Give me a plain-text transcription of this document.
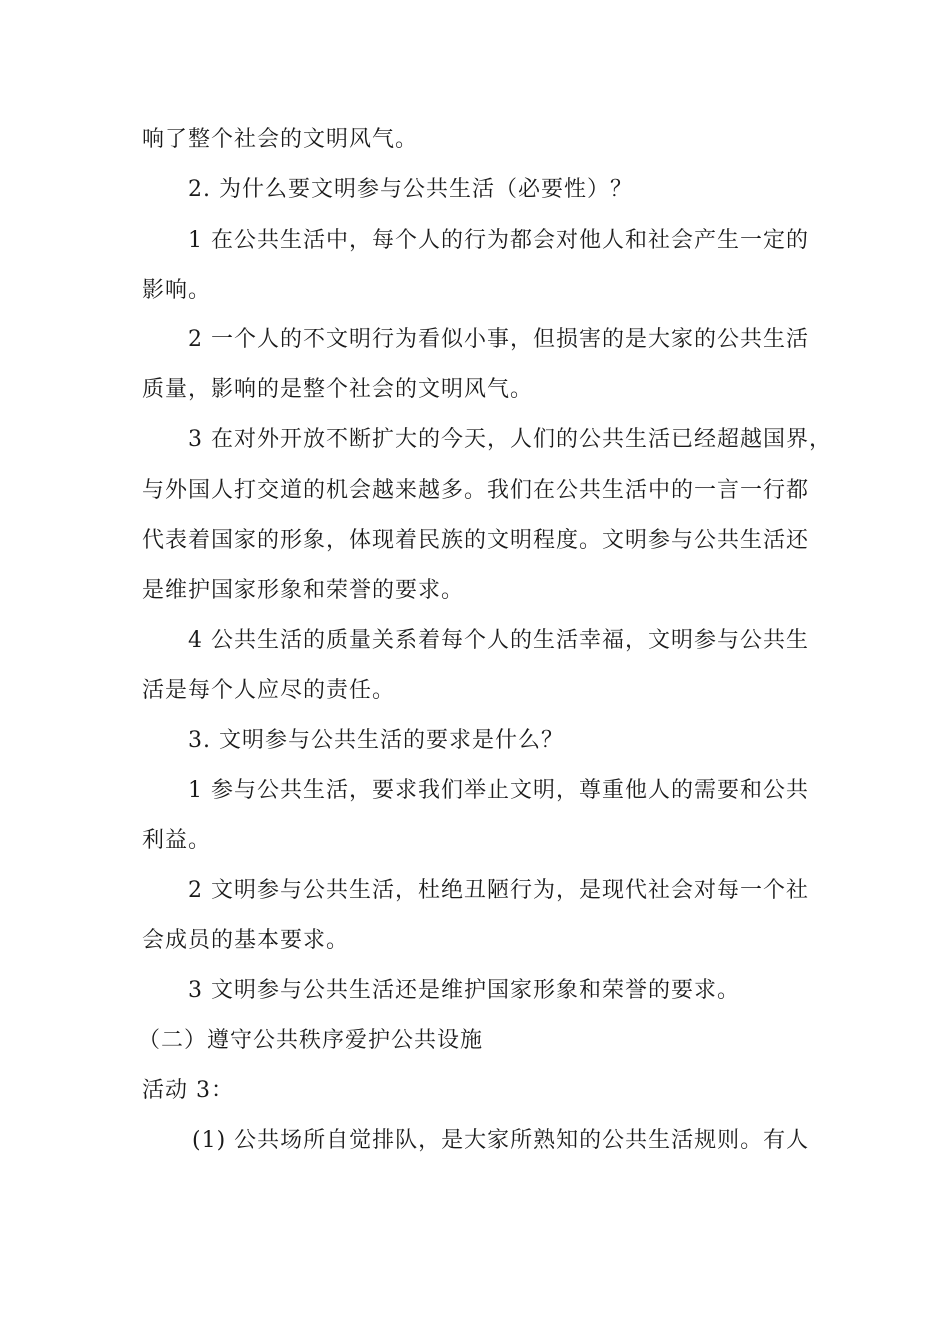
响了整个社会的文明风气。
2. 为什么要文明参与公共生活（必要性）？
1 在公共生活中，每个人的行为都会对他人和社会产生一定的
影响。
2 一个人的不文明行为看似小事，但损害的是大家的公共生活
质量，影响的是整个社会的文明风气。
3 在对外开放不断扩大的今天，人们的公共生活已经超越国界，
与外国人打交道的机会越来越多。我们在公共生活中的一言一行都
代表着国家的形象，体现着民族的文明程度。文明参与公共生活还
是维护国家形象和荣誉的要求。
4 公共生活的质量关系着每个人的生活幸福，文明参与公共生
活是每个人应尽的责任。
3. 文明参与公共生活的要求是什么？
1 参与公共生活，要求我们举止文明，尊重他人的需要和公共
利益。
2 文明参与公共生活，杜绝丑陋行为，是现代社会对每一个社
会成员的基本要求。
3 文明参与公共生活还是维护国家形象和荣誉的要求。
（二）遵守公共秩序爱护公共设施
活动 3：
(1) 公共场所自觉排队，是大家所熟知的公共生活规则。有人
